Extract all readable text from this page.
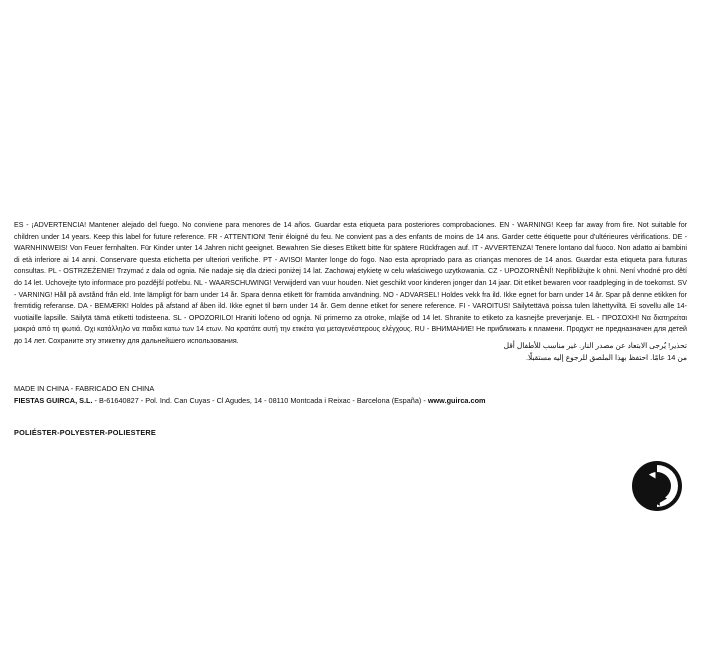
ES - ¡ADVERTENCIA! Mantener alejado del fuego. No conviene para menores de 14 años. Guardar esta etiqueta para posteriores comprobaciones. EN - WARNING! Keep far away from fire. Not suitable for children under 14 years. Keep this label for future reference. FR - ATTENTION! Tenir éloigné du feu. Ne convient pas a des enfants de moins de 14 ans. Garder cette étiquette pour d'ultérieures vérifications. DE - WARNHINWEIS! Von Feuer fernhalten. Für Kinder unter 14 Jahren nicht geeignet. Bewahren Sie dieses Etikett bitte für spätere Rückfragen auf. IT - AVVERTENZA! Tenere lontano dal fuoco. Non adatto ai bambini di età inferiore ai 14 anni. Conservare questa etichetta per ulteriori verifiche. PT - AVISO! Manter longe do fogo. Nao esta apropriado para as crianças menores de 14 anos. Guardar esta etiqueta para futuras consultas. PL - OSTRZEŻENIE! Trzymać z dala od ognia. Nie nadaje się dla dzieci poniżej 14 lat. Zachowaj etykietę w celu właściwego uzytkowania. CZ - UPOZORNĚNÍ! Nepřibližujte k ohni. Není vhodné pro dětí do 14 let. Uchovejte tyto informace pro pozdější potřebu. NL - WAARSCHUWING! Verwijderd van vuur houden. Niet geschikt voor kinderen jonger dan 14 jaar. Dit etiket bewaren voor raadpleging in de toekomst. SV - VARNING! Håll på avstånd från eld. Inte lämpligt för barn under 14 år. Spara denna etikett för framtida användning. NO - ADVARSEL! Holdes vekk fra ild. Ikke egnet for barn under 14 år. Spar på denne etikken for fremtidig referanse. DA - BEMÆRK! Holdes på afstand af åben ild. Ikke egnet til børn under 14 år. Gem denne etiket for senere reference. FI - VAROITUS! Säilytettävä poissa tulen lähettyviltä. Ei sovellu alle 14-vuotiaille lapsille. Säilytä tämä etiketti todisteena. SL - OPOZORILO! Hraniti ločeno od ognja. Ni primerno za otroke, mlajše od 14 let. Shranite to etiketo za kasnejše preverjanje. EL - ΠΡΟΣΟΧΗ! Να διατηρείται μακριά από τη φωτιά. Οχι κατάλληλο να παιδια κατω των 14 ετων. Να κρατάτε αυτή την ετικέτα για μεταγενέστερους ελέγχους. RU - ВНИМАНИЕ! Не приближать к пламени. Продукт не предназначен для детей до 14 лет. Сохраните эту этикетку для дальнейшего использования.	تحذير! يُرجى الابتعاد عن مصدر النار. غير مناسب للأطفال أقل
من 14 عامًا. احتفظ بهذا الملصق للرجوع إليه مستقبلًا.
MADE IN CHINA - FABRICADO EN CHINA
FIESTAS GUIRCA, S.L. - B-61640827 - Pol. Ind. Can Cuyas - Cl Agudes, 14 - 08110 Montcada i Reixac - Barcelona (España) - www.guirca.com
POLIÉSTER-POLYESTER-POLIESTERE
